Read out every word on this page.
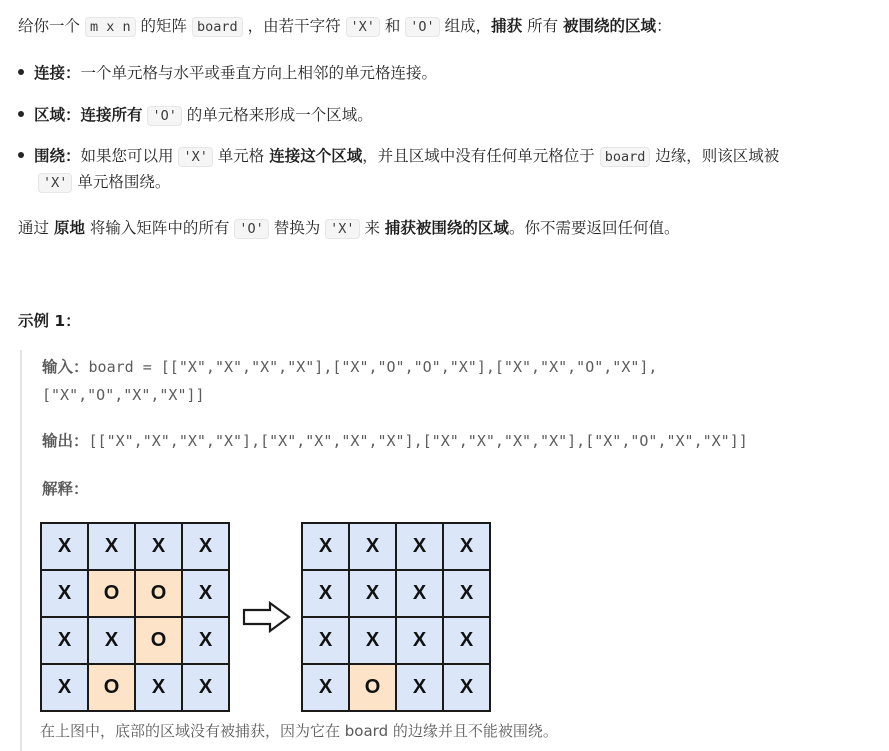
给你一个 m x n 的矩阵 board ，由若干字符 'X' 和 'O' 组成，捕获 所有 被围绕的区域：
连接：一个单元格与水平或垂直方向上相邻的单元格连接。
区域：连接所有 'O' 的单元格来形成一个区域。
围绕：如果您可以用 'X' 单元格 连接这个区域，并且区域中没有任何单元格位于 board 边缘，则该区域被
'X' 单元格围绕。
通过 原地 将输入矩阵中的所有 'O' 替换为 'X' 来 捕获被围绕的区域。你不需要返回任何值。
示例 1：
输入：board = [["X","X","X","X"],["X","O","O","X"],["X","X","O","X"],
["X","O","X","X"]]
输出：[["X","X","X","X"],["X","X","X","X"],["X","X","X","X"],["X","O","X","X"]]
解释：
X	X	X	X
X	O	O	X
X	X	O	X
X	O	X	X
X	X	X	X
X	X	X	X
X	X	X	X
X	O	X	X
在上图中，底部的区域没有被捕获，因为它在 board 的边缘并且不能被围绕。
